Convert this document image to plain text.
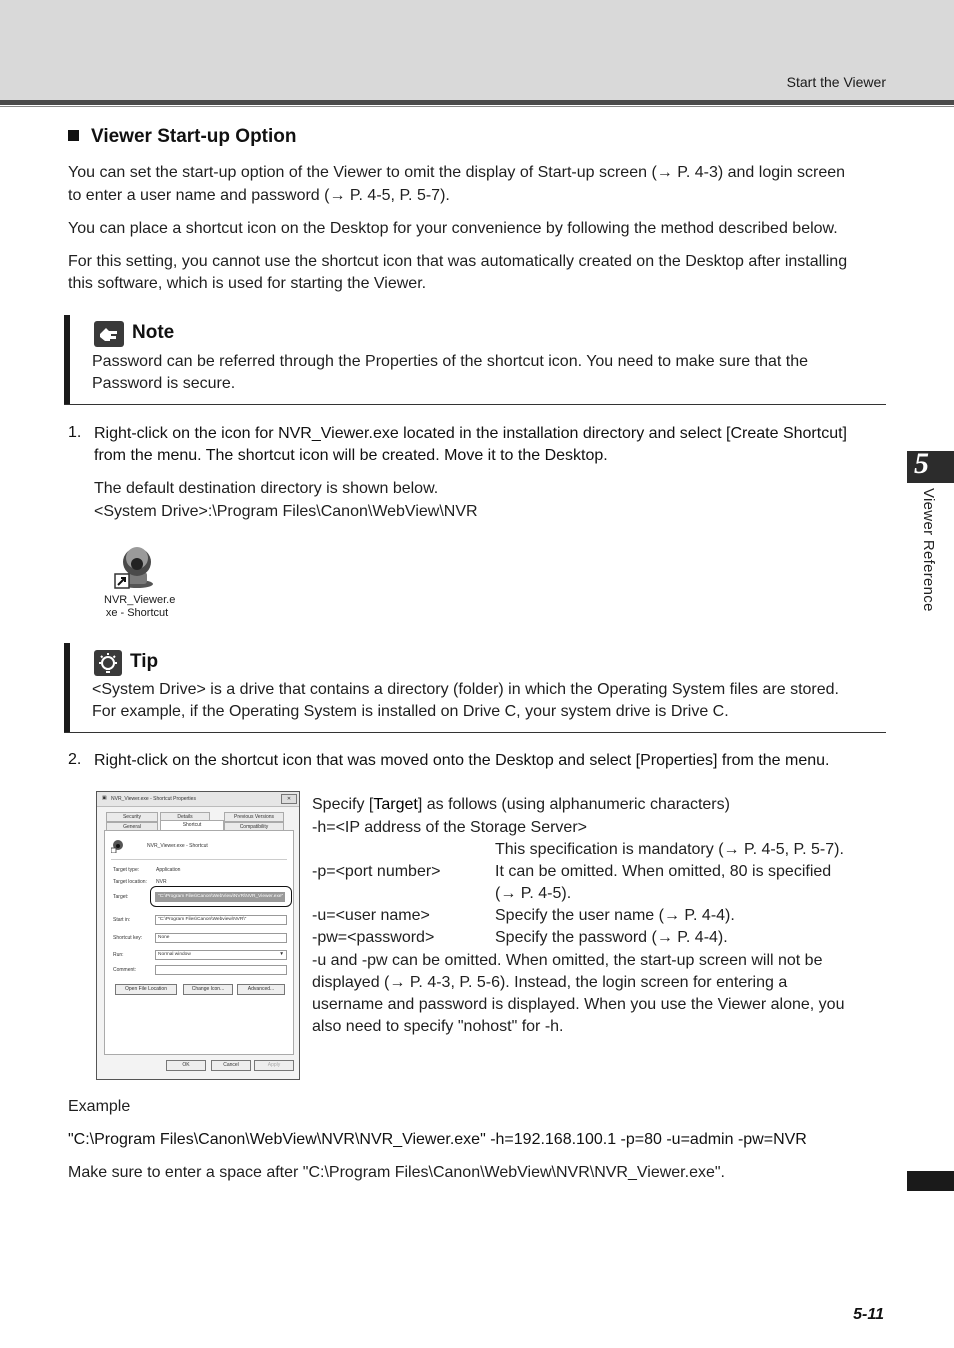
Start the Viewer
Viewer Start-up Option
You can set the start-up option of the Viewer to omit the display of Start-up screen (→ P. 4-3) and login screen
to enter a user name and password (→ P. 4-5, P. 5-7).
You can place a shortcut icon on the Desktop for your convenience by following the method described below.
For this setting, you cannot use the shortcut icon that was automatically created on the Desktop after installing
this software, which is used for starting the Viewer.
Note
Password can be referred through the Properties of the shortcut icon. You need to make sure that the
Password is secure.
1. Right-click on the icon for NVR_Viewer.exe located in the installation directory and select [Create Shortcut]
from the menu. The shortcut icon will be created. Move it to the Desktop.
The default destination directory is shown below.
<System Drive>:\Program Files\Canon\WebView\NVR
NVR_Viewer.e
xe - Shortcut
Tip
<System Drive> is a drive that contains a directory (folder) in which the Operating System files are stored.
For example, if the Operating System is installed on Drive C, your system drive is Drive C.
2. Right-click on the shortcut icon that was moved onto the Desktop and select [Properties] from the menu.
▣ NVR_Viewer.exe - Shortcut Properties	✕
Security	Details	Previous Versions
General	Shortcut	Compatibility
NVR_Viewer.exe - Shortcut
Target type:	Application
Target location: NVR
Target:	"C:\Program Files\Canon\WebView\NVR\NVR_Viewer.exe"
Start in:	"C:\Program Files\Canon\Webview\NVR\"
Shortcut key:	None
Run:	Normal window	▼
Comment:
Open File Location	Change Icon...	Advanced...
OK	Cancel	Apply
Specify [Target] as follows (using alphanumeric characters)
-h=<IP address of the Storage Server>
This specification is mandatory (→ P. 4-5, P. 5-7).
-p=<port number>	It can be omitted. When omitted, 80 is specified
(→ P. 4-5).
-u=<user name>	Specify the user name (→ P. 4-4).
-pw=<password>	Specify the password (→ P. 4-4).
-u and -pw can be omitted. When omitted, the start-up screen will not be
displayed (→ P. 4-3, P. 5-6). Instead, the login screen for entering a
username and password is displayed. When you use the Viewer alone, you
also need to specify "nohost" for -h.
Example
"C:\Program Files\Canon\WebView\NVR\NVR_Viewer.exe" -h=192.168.100.1 -p=80 -u=admin -pw=NVR
Make sure to enter a space after "C:\Program Files\Canon\WebView\NVR\NVR_Viewer.exe".
5
Viewer Reference
5-11
